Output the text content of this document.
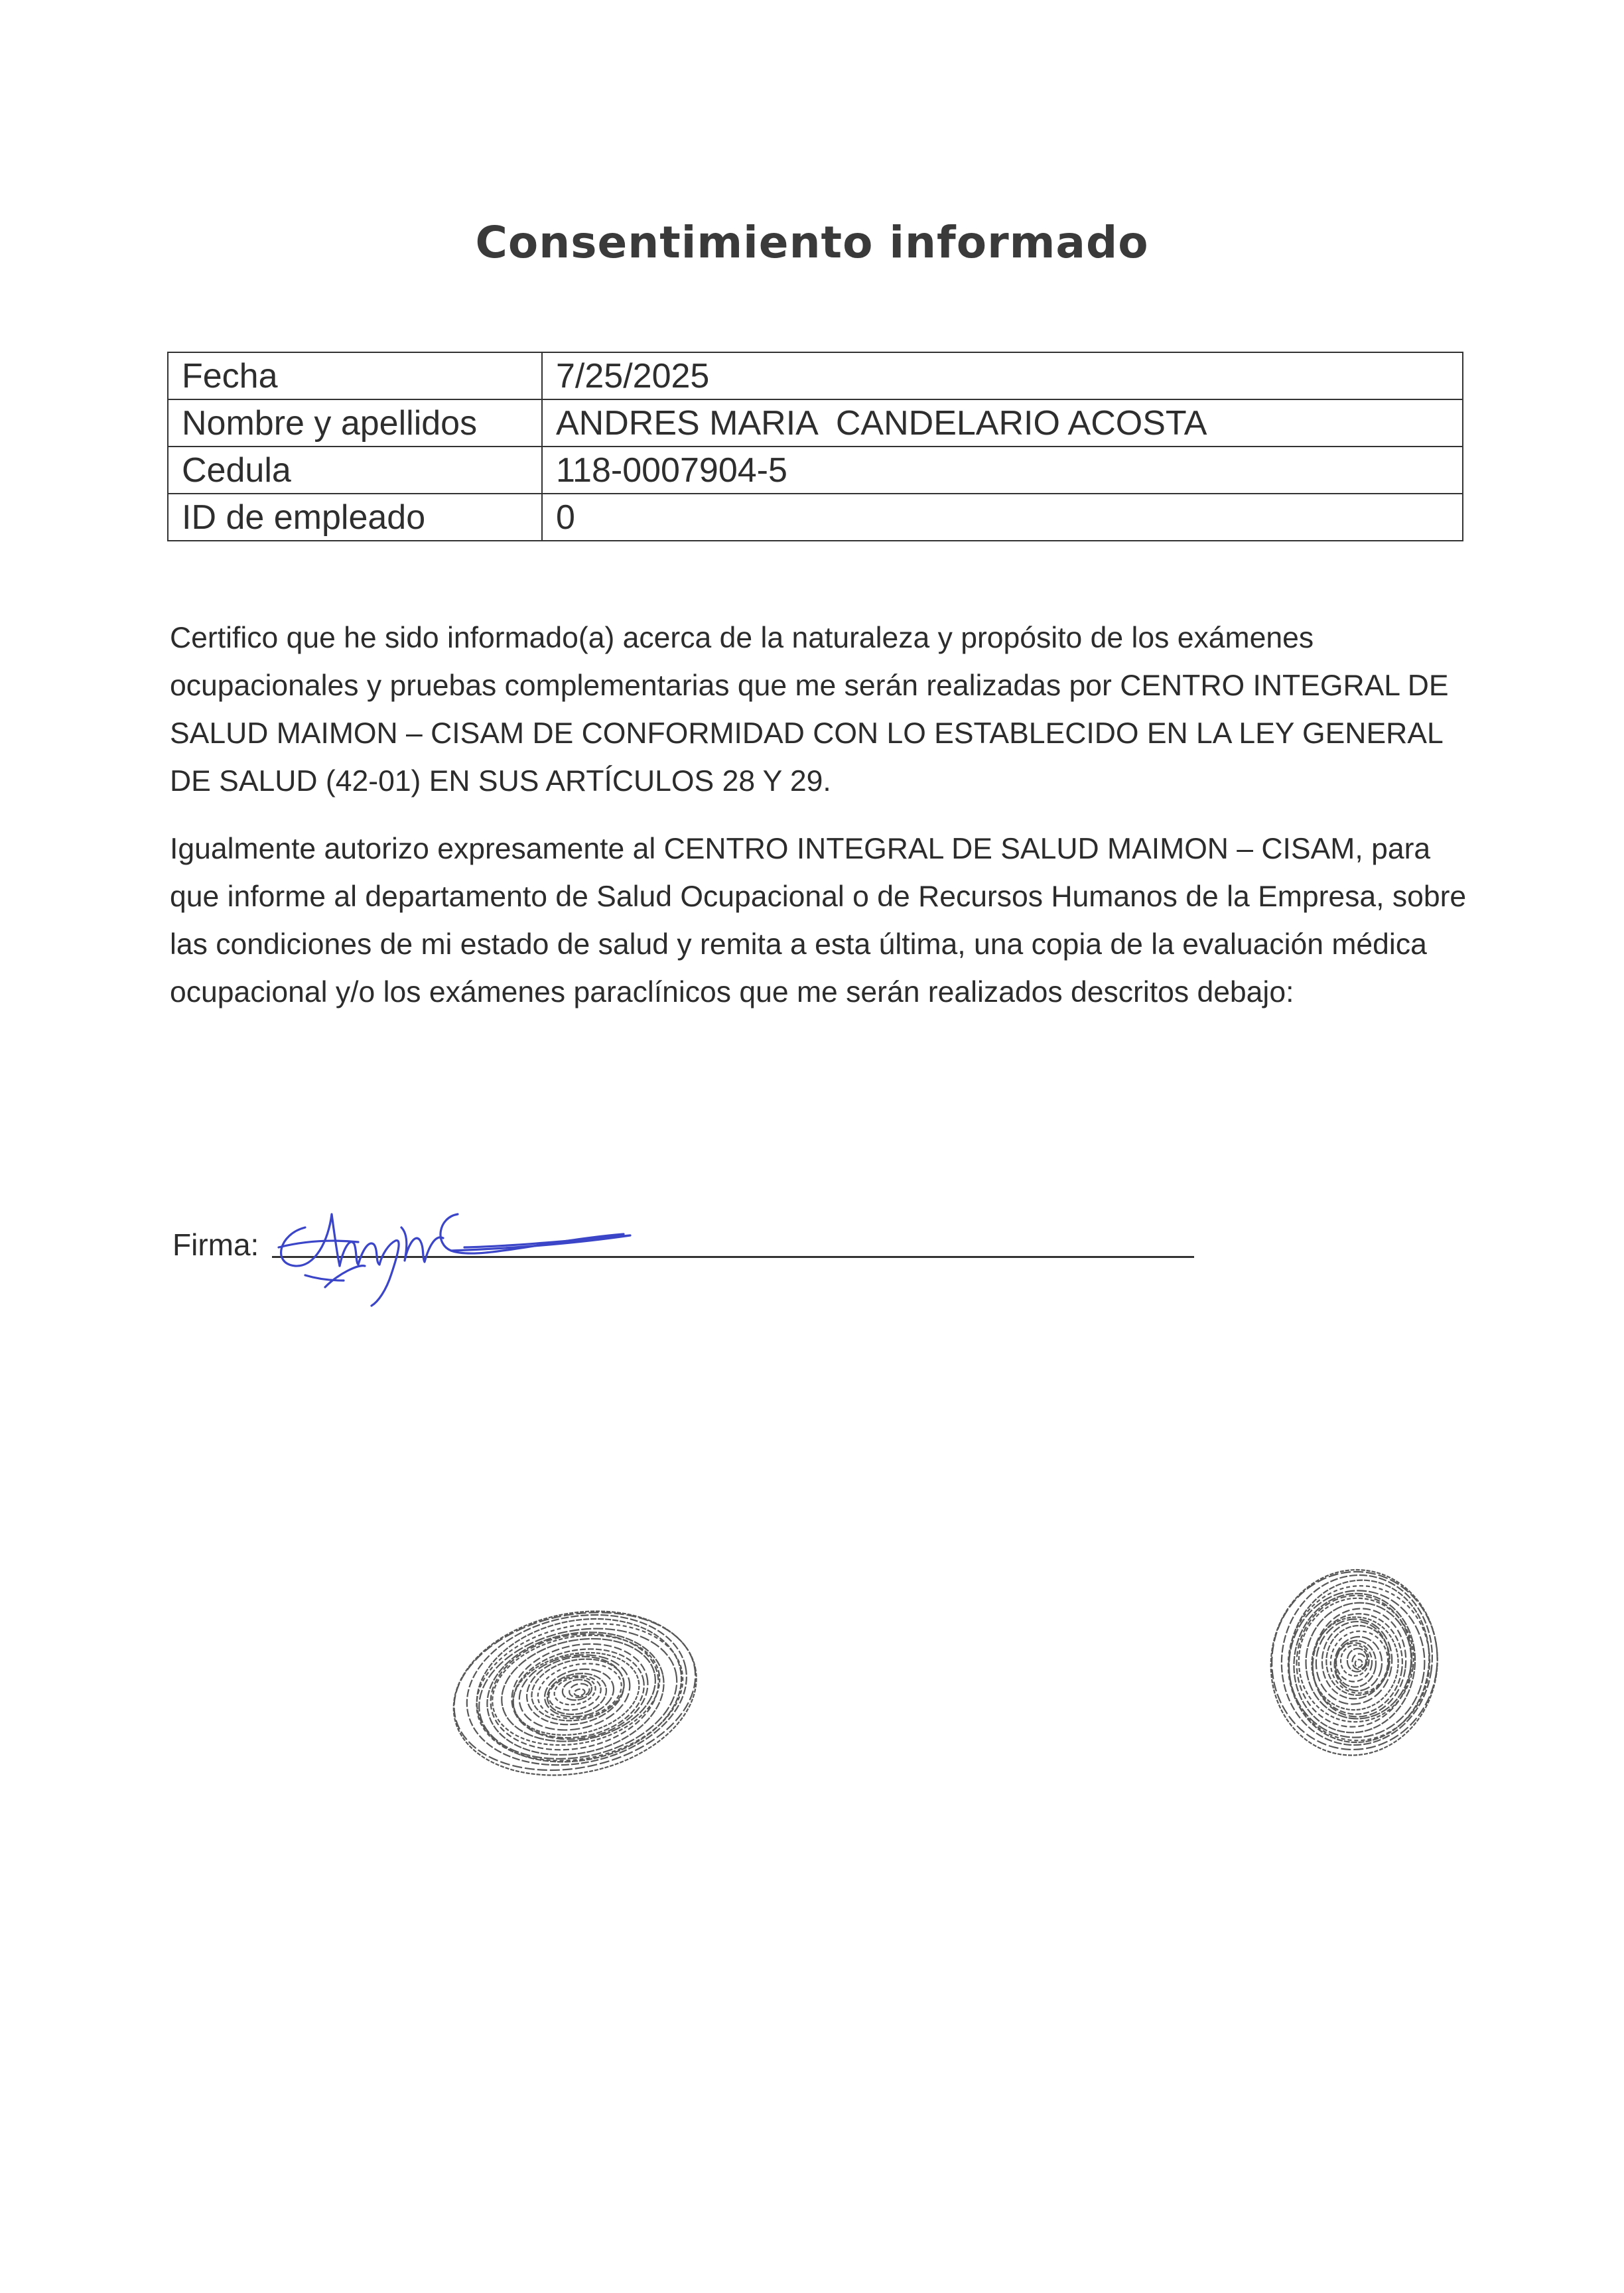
Consentimiento informado
Fecha	7/25/2025
Nombre y apellidos	ANDRES MARIA  CANDELARIO ACOSTA
Cedula	118-0007904-5
ID de empleado	0

Certifico que he sido informado(a) acerca de la naturaleza y propósito de los exámenes ocupacionales y pruebas complementarias que me serán realizadas por CENTRO INTEGRAL DE SALUD MAIMON – CISAM DE CONFORMIDAD CON LO ESTABLECIDO EN LA LEY GENERAL DE SALUD (42-01) EN SUS ARTÍCULOS 28 Y 29.

Igualmente autorizo expresamente al CENTRO INTEGRAL DE SALUD MAIMON – CISAM, para que informe al departamento de Salud Ocupacional o de Recursos Humanos de la Empresa, sobre las condiciones de mi estado de salud y remita a esta última, una copia de la evaluación médica ocupacional y/o los exámenes paraclínicos que me serán realizados descritos debajo:

Firma:
